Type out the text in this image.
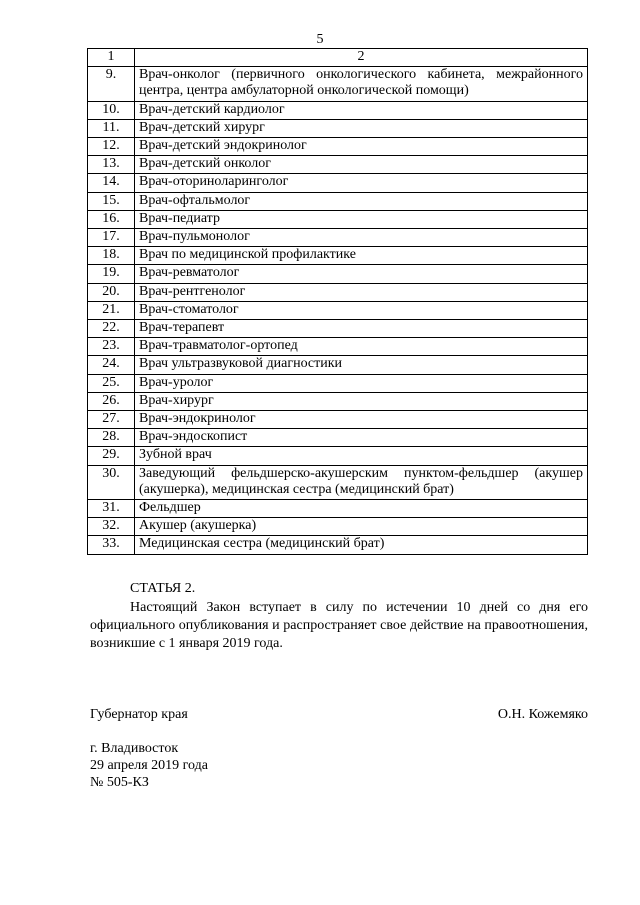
5
1	2
9.	Врач-онколог (первичного онкологического кабинета, межрайонного центра, центра амбулаторной онкологической помощи)
10.	Врач-детский кардиолог
11.	Врач-детский хирург
12.	Врач-детский эндокринолог
13.	Врач-детский онколог
14.	Врач-оториноларинголог
15.	Врач-офтальмолог
16.	Врач-педиатр
17.	Врач-пульмонолог
18.	Врач по медицинской профилактике
19.	Врач-ревматолог
20.	Врач-рентгенолог
21.	Врач-стоматолог
22.	Врач-терапевт
23.	Врач-травматолог-ортопед
24.	Врач ультразвуковой диагностики
25.	Врач-уролог
26.	Врач-хирург
27.	Врач-эндокринолог
28.	Врач-эндоскопист
29.	Зубной врач
30.	Заведующий фельдшерско-акушерским пунктом-фельдшер (акушер (акушерка), медицинская сестра (медицинский брат)
31.	Фельдшер
32.	Акушер (акушерка)
33.	Медицинская сестра (медицинский брат)
СТАТЬЯ 2.

Настоящий Закон вступает в силу по истечении 10 дней со дня его официального опубликования и распространяет свое действие на правоотношения, возникшие с 1 января 2019 года.

Губернатор края	О.Н. Кожемяко
г. Владивосток
29 апреля 2019 года
№ 505-КЗ
